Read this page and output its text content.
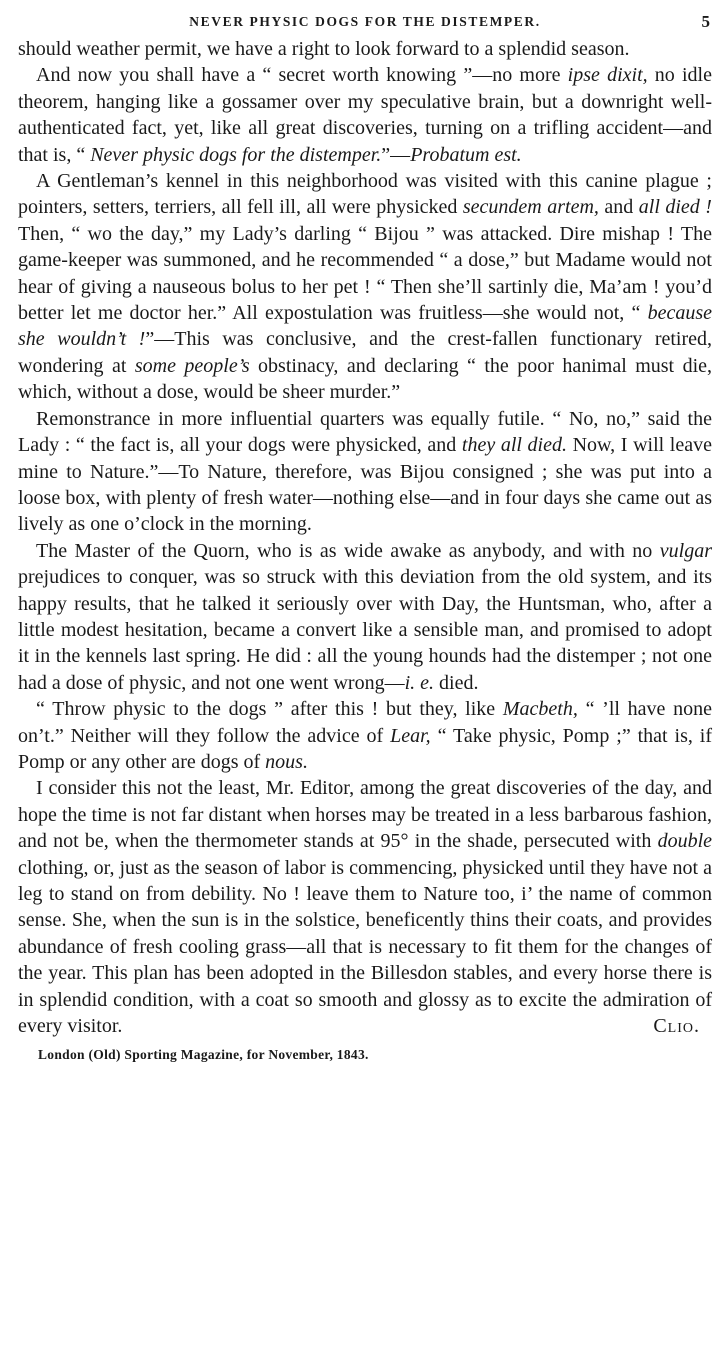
NEVER PHYSIC DOGS FOR THE DISTEMPER.	5

should weather permit, we have a right to look forward to a splendid season.

And now you shall have a “ secret worth knowing ”—no more ipse dixit, no idle theorem, hanging like a gossamer over my speculative brain, but a downright well-authenticated fact, yet, like all great discoveries, turning on a trifling accident—and that is, “ Never physic dogs for the distemper.”—Probatum est.

A Gentleman’s kennel in this neighborhood was visited with this canine plague ; pointers, setters, terriers, all fell ill, all were physicked secundem artem, and all died ! Then, “ wo the day,” my Lady’s darling “ Bijou ” was attacked. Dire mishap ! The game-keeper was summoned, and he recommended “ a dose,” but Madame would not hear of giving a nauseous bolus to her pet ! “ Then she’ll sartinly die, Ma’am ! you’d better let me doctor her.” All expostulation was fruitless—she would not, “ because she wouldn’t !”—This was conclusive, and the crest-fallen functionary retired, wondering at some people’s obstinacy, and declaring “ the poor hanimal must die, which, without a dose, would be sheer murder.”

Remonstrance in more influential quarters was equally futile. “ No, no,” said the Lady : “ the fact is, all your dogs were physicked, and they all died. Now, I will leave mine to Nature.”—To Nature, therefore, was Bijou consigned ; she was put into a loose box, with plenty of fresh water—nothing else—and in four days she came out as lively as one o’clock in the morning.

The Master of the Quorn, who is as wide awake as anybody, and with no vulgar prejudices to conquer, was so struck with this deviation from the old system, and its happy results, that he talked it seriously over with Day, the Huntsman, who, after a little modest hesitation, became a convert like a sensible man, and promised to adopt it in the kennels last spring. He did : all the young hounds had the distemper ; not one had a dose of physic, and not one went wrong—i. e. died.

“ Throw physic to the dogs ” after this ! but they, like Macbeth, “ ’ll have none on’t.” Neither will they follow the advice of Lear, “ Take physic, Pomp ;” that is, if Pomp or any other are dogs of nous.

I consider this not the least, Mr. Editor, among the great discoveries of the day, and hope the time is not far distant when horses may be treated in a less barbarous fashion, and not be, when the thermometer stands at 95° in the shade, persecuted with double clothing, or, just as the season of labor is commencing, physicked until they have not a leg to stand on from debility. No ! leave them to Nature too, i’ the name of common sense. She, when the sun is in the solstice, beneficently thins their coats, and provides abundance of fresh cooling grass—all that is necessary to fit them for the changes of the year. This plan has been adopted in the Billesdon stables, and every horse there is in splendid condition, with a coat so smooth and glossy as to excite the admiration of every visitor.	Clio.

London (Old) Sporting Magazine, for November, 1843.
